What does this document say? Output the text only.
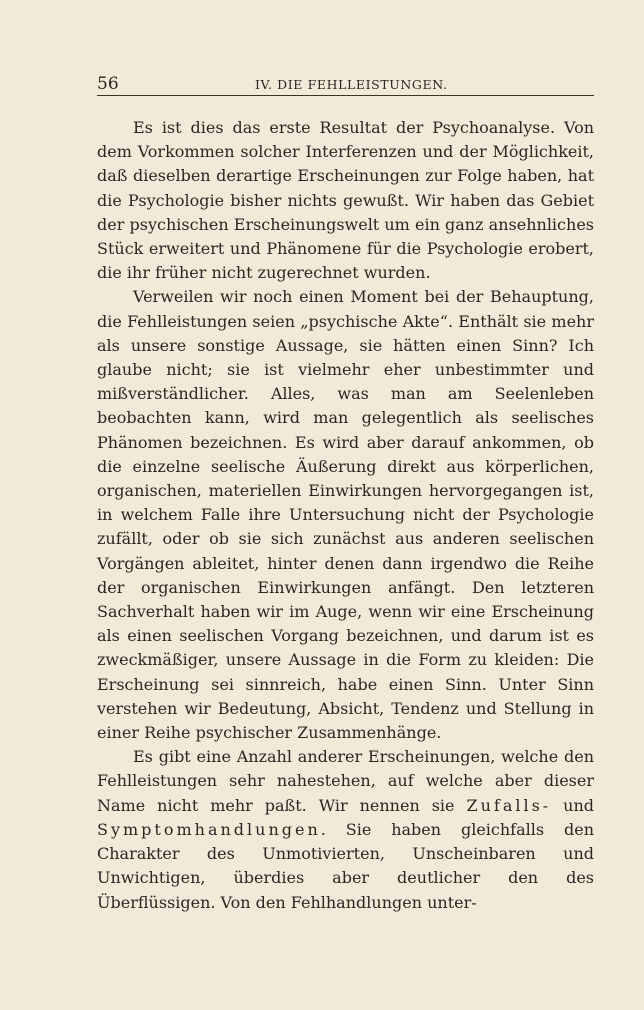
56	IV. DIE FEHLLEISTUNGEN.

Es ist dies das erste Resultat der Psychoanalyse. Von dem Vorkommen solcher Interferenzen und der Möglichkeit, daß dieselben derartige Erscheinungen zur Folge haben, hat die Psychologie bisher nichts gewußt. Wir haben das Gebiet der psychischen Erscheinungswelt um ein ganz ansehnliches Stück erweitert und Phänomene für die Psychologie erobert, die ihr früher nicht zugerechnet wurden.

Verweilen wir noch einen Moment bei der Behauptung, die Fehlleistungen seien „psychische Akte“. Enthält sie mehr als unsere sonstige Aussage, sie hätten einen Sinn? Ich glaube nicht; sie ist vielmehr eher unbestimmter und mißverständlicher. Alles, was man am Seelenleben beobachten kann, wird man gelegentlich als seelisches Phänomen bezeichnen. Es wird aber darauf ankommen, ob die einzelne seelische Äußerung direkt aus körperlichen, organischen, materiellen Einwirkungen hervorgegangen ist, in welchem Falle ihre Untersuchung nicht der Psychologie zufällt, oder ob sie sich zunächst aus anderen seelischen Vorgängen ableitet, hinter denen dann irgendwo die Reihe der organischen Einwirkungen anfängt. Den letzteren Sachverhalt haben wir im Auge, wenn wir eine Erscheinung als einen seelischen Vorgang bezeichnen, und darum ist es zweckmäßiger, unsere Aussage in die Form zu kleiden: Die Erscheinung sei sinnreich, habe einen Sinn. Unter Sinn verstehen wir Bedeutung, Absicht, Tendenz und Stellung in einer Reihe psychischer Zusammenhänge.

Es gibt eine Anzahl anderer Erscheinungen, welche den Fehlleistungen sehr nahestehen, auf welche aber dieser Name nicht mehr paßt. Wir nennen sie Zufalls- und Symptomhandlungen. Sie haben gleichfalls den Charakter des Unmotivierten, Unscheinbaren und Unwichtigen, überdies aber deutlicher den des Überflüssigen. Von den Fehlhandlungen unter-
